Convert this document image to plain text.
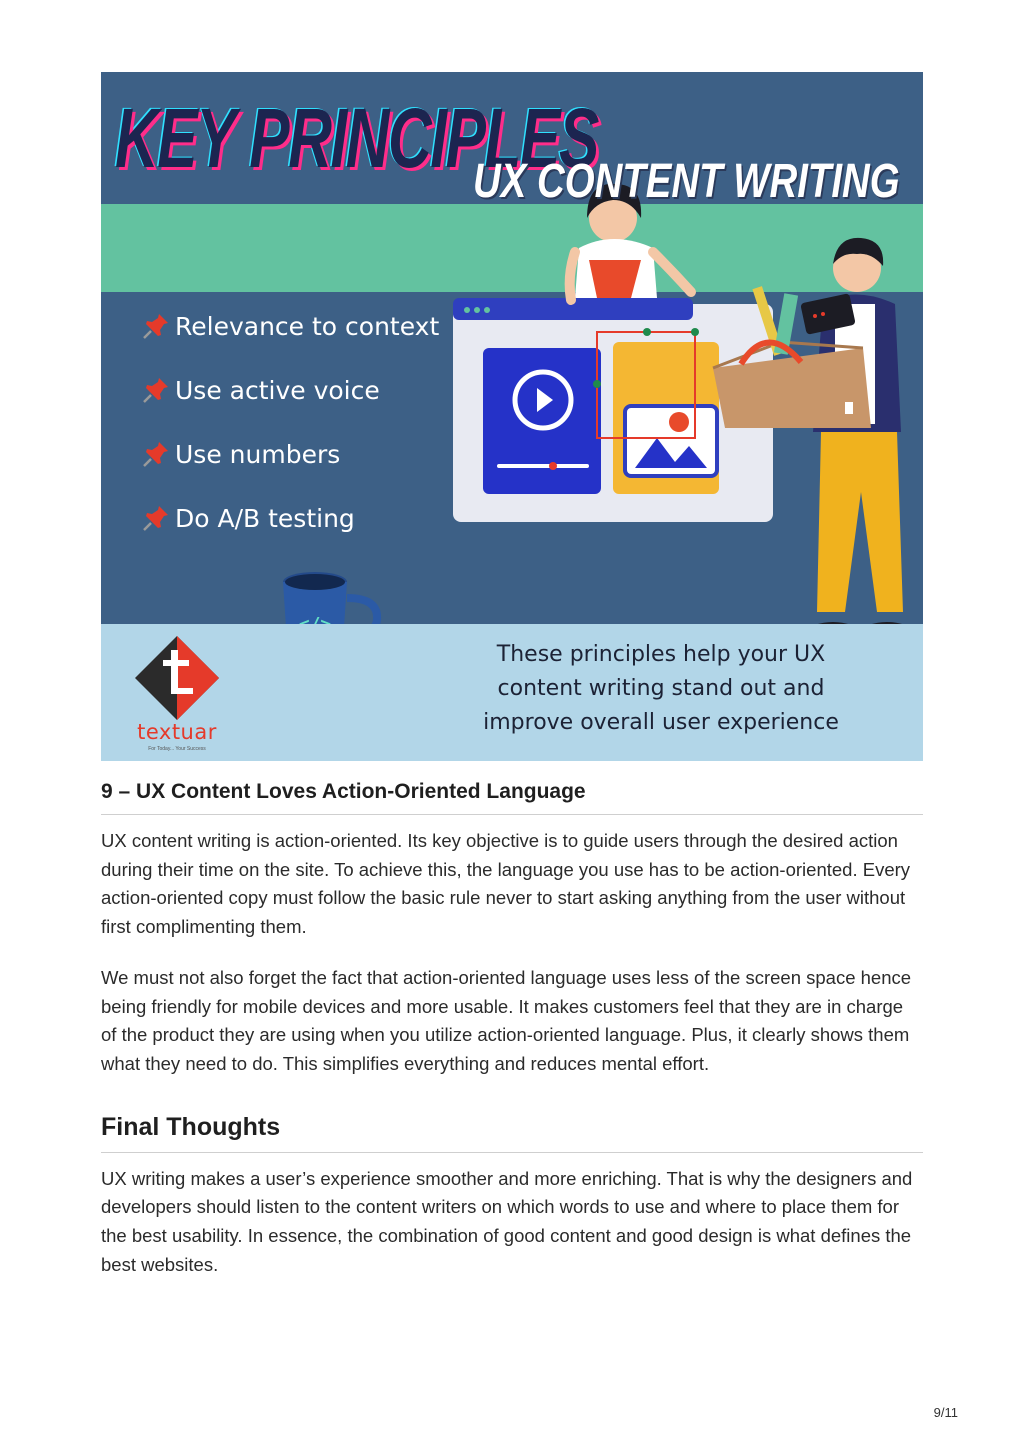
KEY PRINCIPLES
UX CONTENT WRITING
Relevance to context
Use active voice
Use numbers
Do A/B testing
textuar
For Today... Your Success
These principles help your UX
content writing stand out and
improve overall user experience
9 – UX Content Loves Action-Oriented Language

UX content writing is action-oriented. Its key objective is to guide users through the desired action during their time on the site. To achieve this, the language you use has to be action-oriented. Every action-oriented copy must follow the basic rule never to start asking anything from the user without first complimenting them.

We must not also forget the fact that action-oriented language uses less of the screen space hence being friendly for mobile devices and more usable. It makes customers feel that they are in charge of the product they are using when you utilize action-oriented language. Plus, it clearly shows them what they need to do. This simplifies everything and reduces mental effort.

Final Thoughts

UX writing makes a user’s experience smoother and more enriching. That is why the designers and developers should listen to the content writers on which words to use and where to place them for the best usability. In essence, the combination of good content and good design is what defines the best websites.

9/11
